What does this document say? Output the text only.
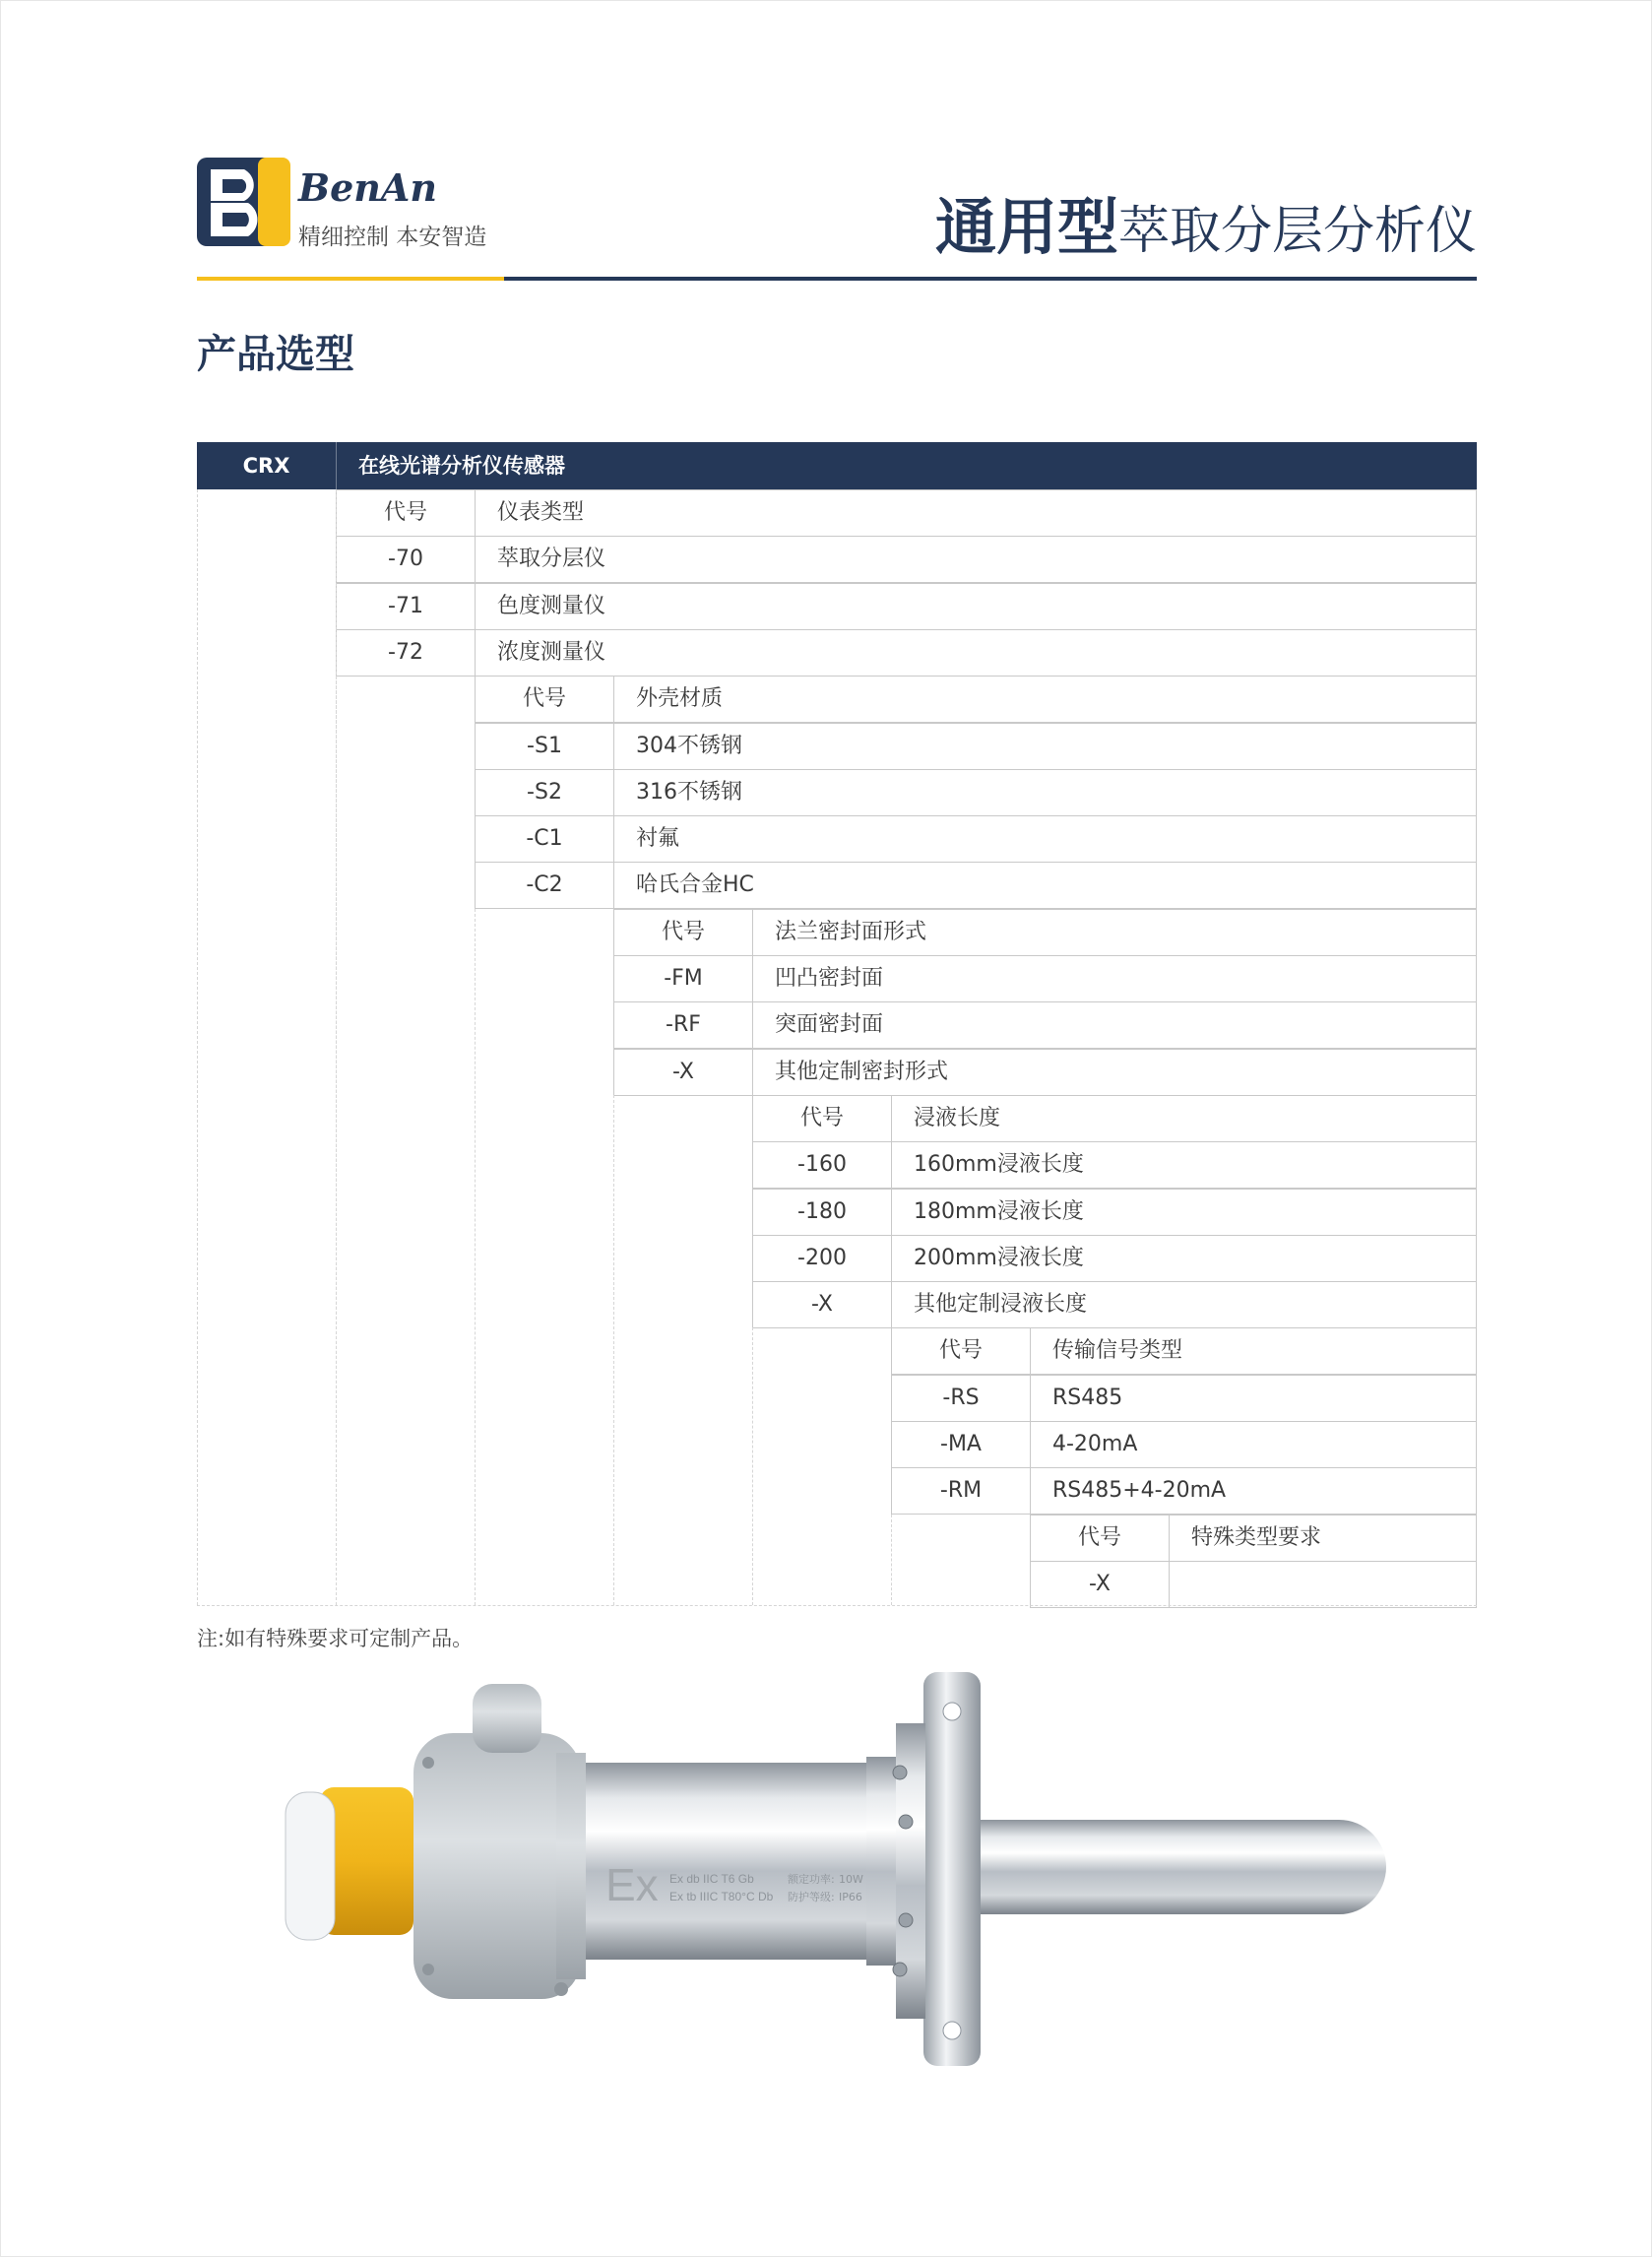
BenAn
精细控制 本安智造	通用型萃取分层分析仪
产品选型
CRX	在线光谱分析仪传感器
代号	仪表类型
-70	萃取分层仪
-71	色度测量仪
-72	浓度测量仪
代号	外壳材质
-S1	304不锈钢
-S2	316不锈钢
-C1	衬氟
-C2	哈氏合金HC
代号	法兰密封面形式
-FM	凹凸密封面
-RF	突面密封面
-X	其他定制密封形式
代号	浸液长度
-160	160mm浸液长度
-180	180mm浸液长度
-200	200mm浸液长度
-X	其他定制浸液长度
代号	传输信号类型
-RS	RS485
-MA	4-20mA
-RM	RS485+4-20mA
代号	特殊类型要求
-X
注:如有特殊要求可定制产品。
Ex Ex db IIC T6 Gb
Ex tb IIIC T80°C Db
额定功率: 10W
防护等级: IP66
